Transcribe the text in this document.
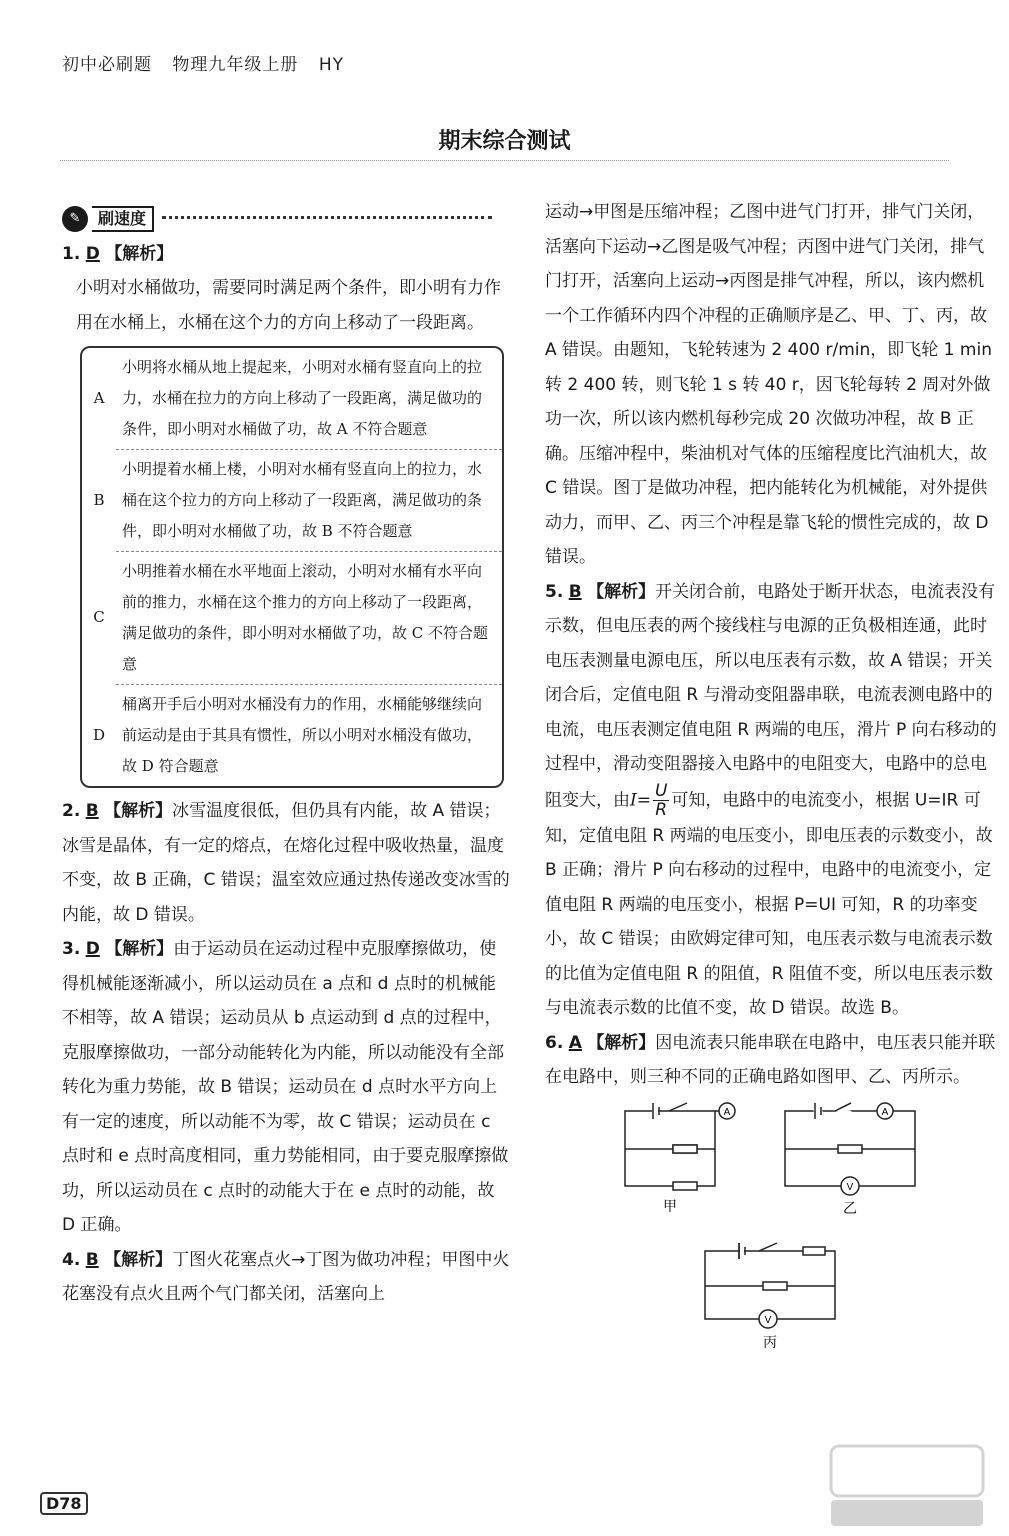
初中必刷题 物理九年级上册 HY
期末综合测试
✎	刷速度
1. D 【解析】
小明对水桶做功，需要同时满足两个条件，即小明有力作用在水桶上，水桶在这个力的方向上移动了一段距离。
A	小明将水桶从地上提起来，小明对水桶有竖直向上的拉力，水桶在拉力的方向上移动了一段距离，满足做功的条件，即小明对水桶做了功，故 A 不符合题意
B	小明提着水桶上楼，小明对水桶有竖直向上的拉力，水桶在这个拉力的方向上移动了一段距离，满足做功的条件，即小明对水桶做了功，故 B 不符合题意
C	小明推着水桶在水平地面上滚动，小明对水桶有水平向前的推力，水桶在这个推力的方向上移动了一段距离，满足做功的条件，即小明对水桶做了功，故 C 不符合题意
D	桶离开手后小明对水桶没有力的作用，水桶能够继续向前运动是由于其具有惯性，所以小明对水桶没有做功，故 D 符合题意
2. B 【解析】冰雪温度很低，但仍具有内能，故 A 错误；冰雪是晶体，有一定的熔点，在熔化过程中吸收热量，温度不变，故 B 正确，C 错误；温室效应通过热传递改变冰雪的内能，故 D 错误。
3. D 【解析】由于运动员在运动过程中克服摩擦做功，使得机械能逐渐减小，所以运动员在 a 点和 d 点时的机械能不相等，故 A 错误；运动员从 b 点运动到 d 点的过程中，克服摩擦做功，一部分动能转化为内能，所以动能没有全部转化为重力势能，故 B 错误；运动员在 d 点时水平方向上有一定的速度，所以动能不为零，故 C 错误；运动员在 c 点时和 e 点时高度相同，重力势能相同，由于要克服摩擦做功，所以运动员在 c 点时的动能大于在 e 点时的动能，故 D 正确。
4. B 【解析】丁图火花塞点火→丁图为做功冲程；甲图中火花塞没有点火且两个气门都关闭，活塞向上
运动→甲图是压缩冲程；乙图中进气门打开，排气门关闭，活塞向下运动→乙图是吸气冲程；丙图中进气门关闭，排气门打开，活塞向上运动→丙图是排气冲程，所以，该内燃机一个工作循环内四个冲程的正确顺序是乙、甲、丁、丙，故 A 错误。由题知，飞轮转速为 2 400 r/min，即飞轮 1 min 转 2 400 转，则飞轮 1 s 转 40 r，因飞轮每转 2 周对外做功一次，所以该内燃机每秒完成 20 次做功冲程，故 B 正确。压缩冲程中，柴油机对气体的压缩程度比汽油机大，故 C 错误。图丁是做功冲程，把内能转化为机械能，对外提供动力，而甲、乙、丙三个冲程是靠飞轮的惯性完成的，故 D 错误。
5. B 【解析】开关闭合前，电路处于断开状态，电流表没有示数，但电压表的两个接线柱与电源的正负极相连通，此时电压表测量电源电压，所以电压表有示数，故 A 错误；开关闭合后，定值电阻 R 与滑动变阻器串联，电流表测电路中的电流，电压表测定值电阻 R 两端的电压，滑片 P 向右移动的过程中，滑动变阻器接入电路中的电阻变大，电路中的总电阻变大，由$I= \frac{U}{R}$ 可知，电路中的电流变小，根据 U=IR 可知，定值电阻 R 两端的电压变小，即电压表的示数变小，故 B 正确；滑片 P 向右移动的过程中，电路中的电流变小，定值电阻 R 两端的电压变小，根据 P=UI 可知，R 的功率变小，故 C 错误；由欧姆定律可知，电压表示数与电流表示数的比值为定值电阻 R 的阻值，R 阻值不变，所以电压表示数与电流表示数的比值不变，故 D 错误。故选 B。
6. A 【解析】因电流表只能串联在电路中，电压表只能并联在电路中，则三种不同的正确电路如图甲、乙、丙所示。
A
甲
A
V
乙
V
丙
D78
